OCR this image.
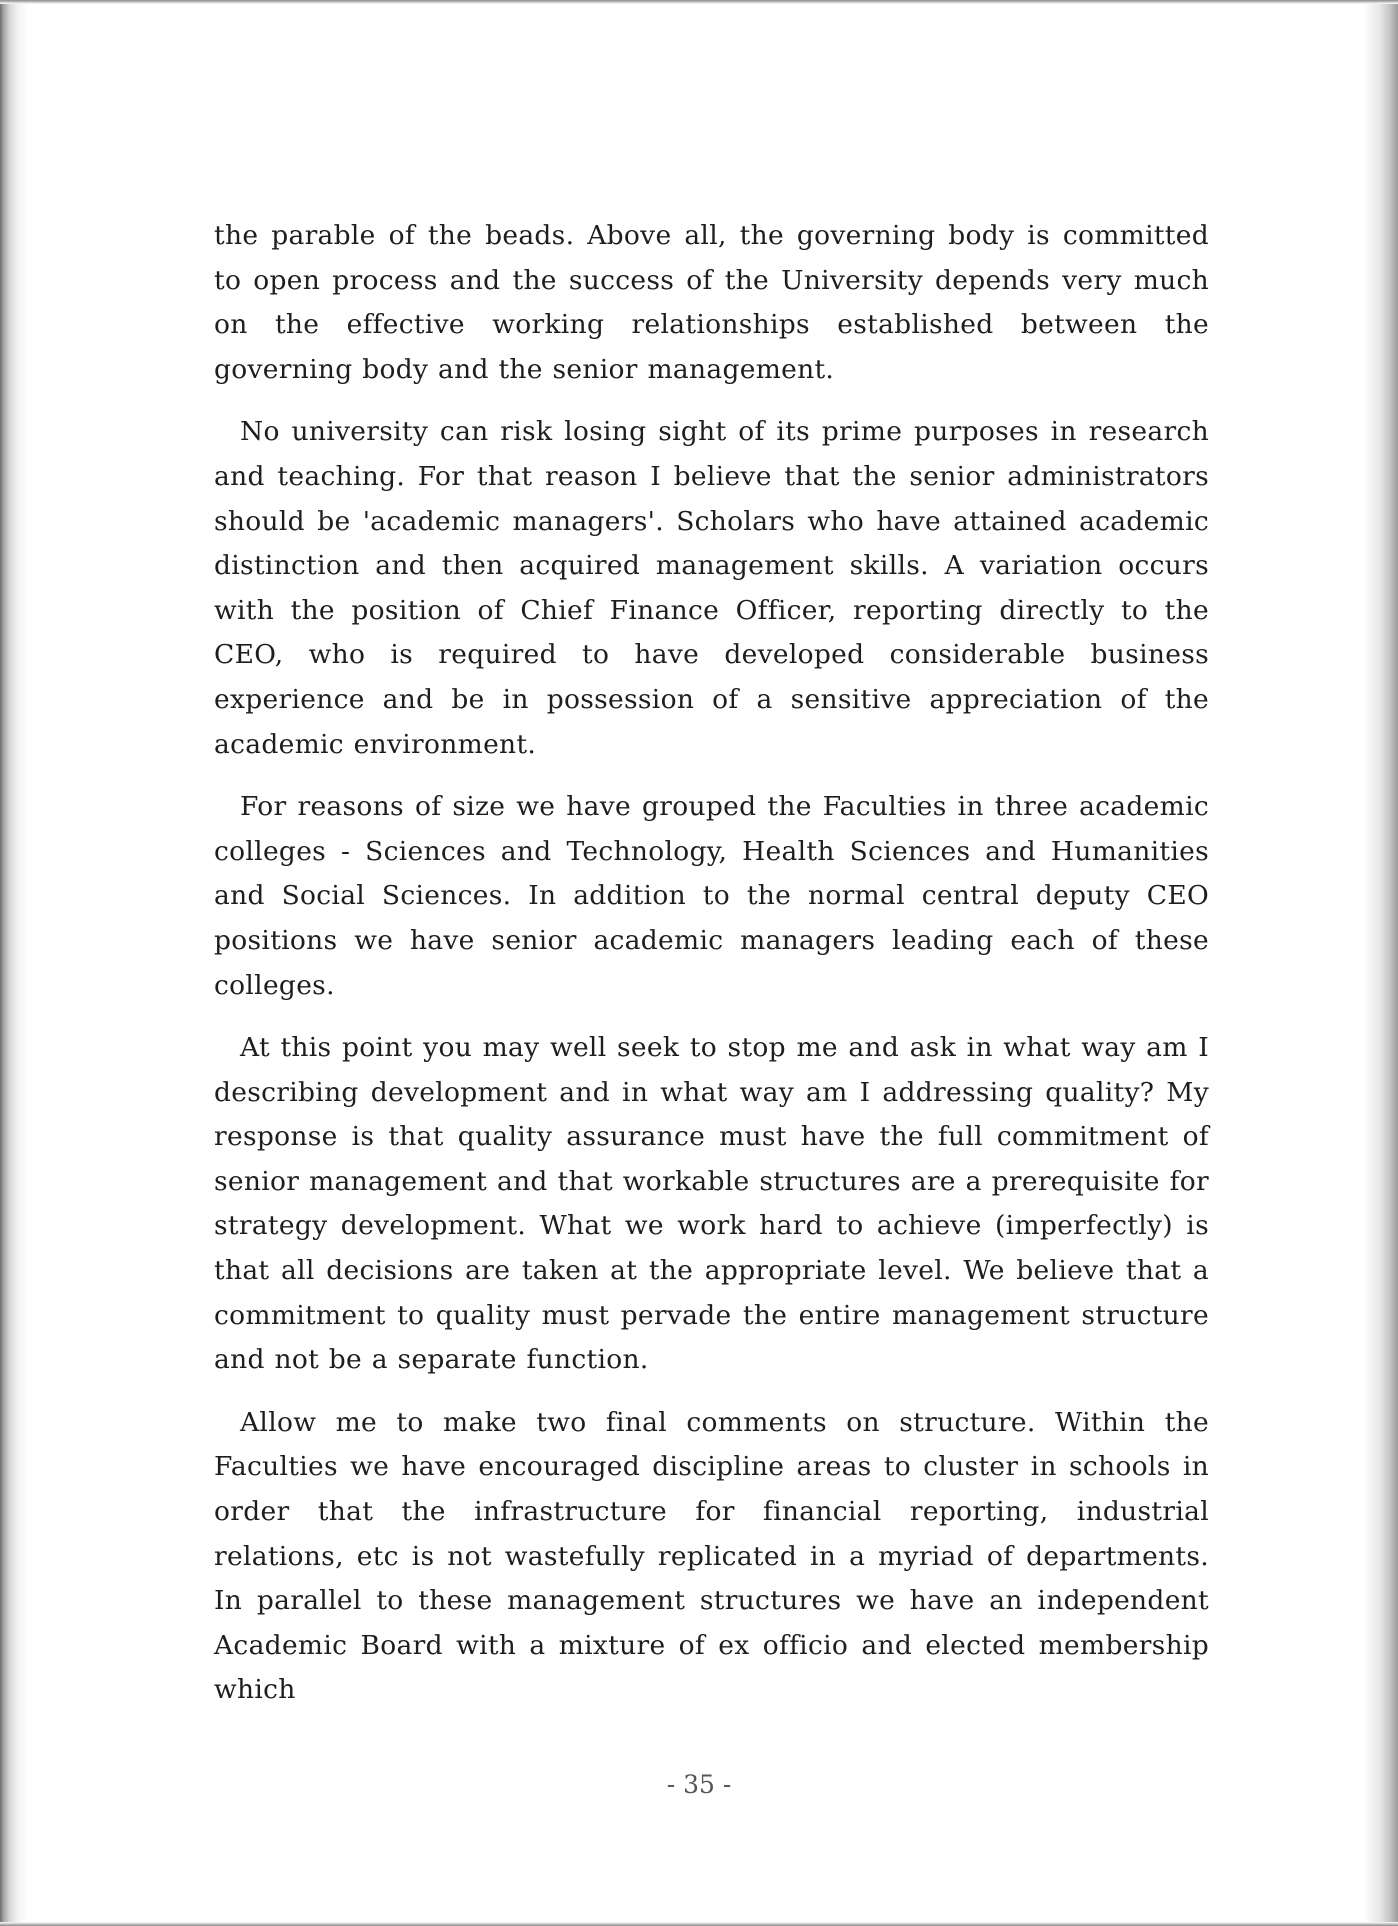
the parable of the beads. Above all, the governing body is committed to open process and the success of the University depends very much on the effective working relationships established between the governing body and the senior management.

No university can risk losing sight of its prime purposes in research and teaching. For that reason I believe that the senior administrators should be 'academic managers'. Scholars who have attained academic distinction and then acquired management skills. A variation occurs with the position of Chief Finance Officer, reporting directly to the CEO, who is required to have developed considerable business experience and be in possession of a sensitive appreciation of the academic environment.

For reasons of size we have grouped the Faculties in three academic colleges - Sciences and Technology, Health Sciences and Humanities and Social Sciences. In addition to the normal central deputy CEO positions we have senior academic managers leading each of these colleges.

At this point you may well seek to stop me and ask in what way am I describing development and in what way am I addressing quality? My response is that quality assurance must have the full commitment of senior management and that workable structures are a prerequisite for strategy development. What we work hard to achieve (imperfectly) is that all decisions are taken at the appropriate level. We believe that a commitment to quality must pervade the entire management structure and not be a separate function.

Allow me to make two final comments on structure. Within the Faculties we have encouraged discipline areas to cluster in schools in order that the infrastructure for financial reporting, industrial relations, etc is not wastefully replicated in a myriad of departments. In parallel to these management structures we have an independent Academic Board with a mixture of ex officio and elected membership which

- 35 -
